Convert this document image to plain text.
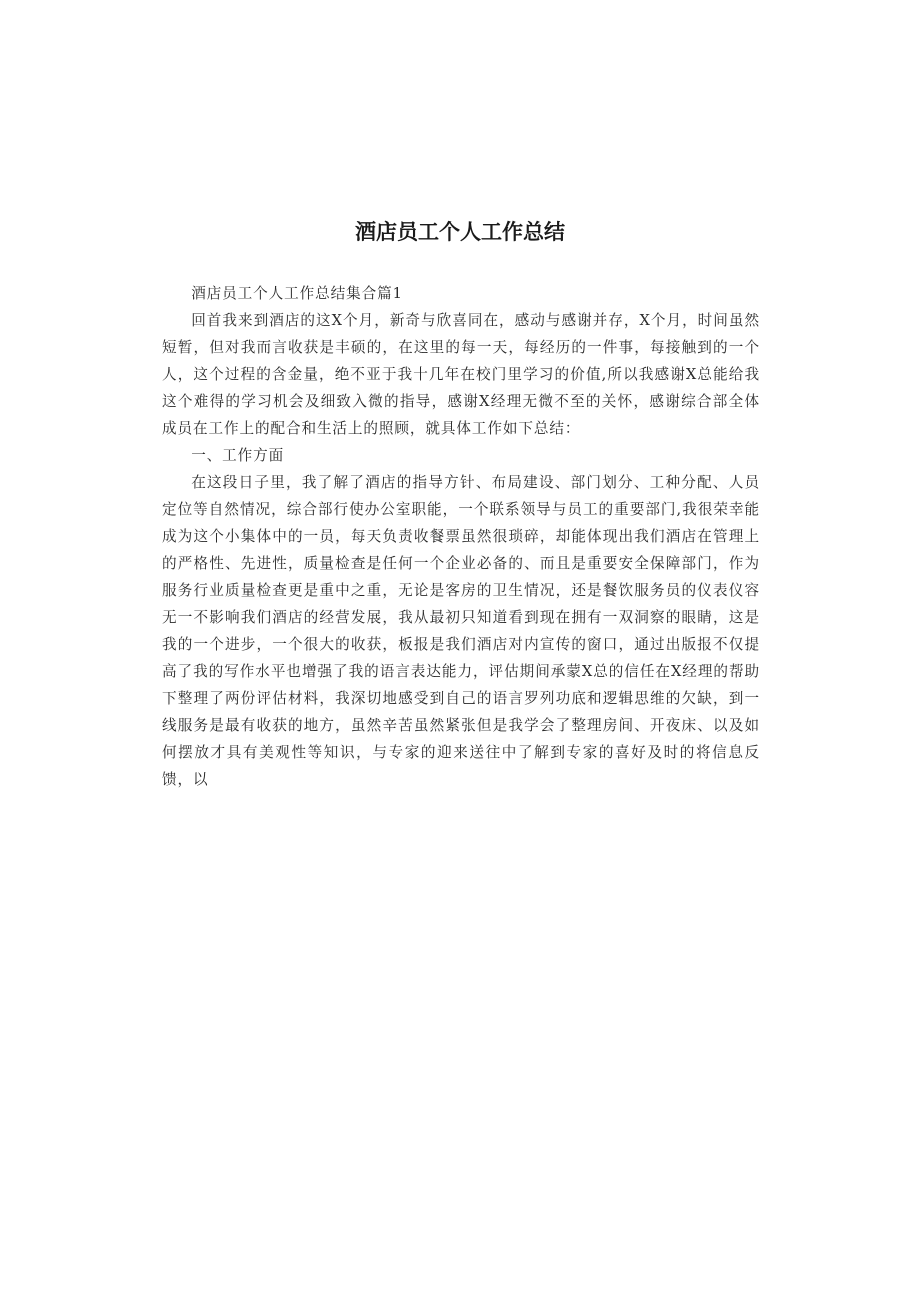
酒店员工个人工作总结

酒店员工个人工作总结集合篇1

回首我来到酒店的这X个月，新奇与欣喜同在，感动与感谢并存，X个月，时间虽然短暂，但对我而言收获是丰硕的，在这里的每一天，每经历的一件事，每接触到的一个人，这个过程的含金量，绝不亚于我十几年在校门里学习的价值,所以我感谢X总能给我这个难得的学习机会及细致入微的指导，感谢X经理无微不至的关怀，感谢综合部全体成员在工作上的配合和生活上的照顾，就具体工作如下总结：

一、工作方面

在这段日子里，我了解了酒店的指导方针、布局建设、部门划分、工种分配、人员定位等自然情况，综合部行使办公室职能，一个联系领导与员工的重要部门,我很荣幸能成为这个小集体中的一员，每天负责收餐票虽然很琐碎，却能体现出我们酒店在管理上的严格性、先进性，质量检查是任何一个企业必备的、而且是重要安全保障部门，作为服务行业质量检查更是重中之重，无论是客房的卫生情况，还是餐饮服务员的仪表仪容无一不影响我们酒店的经营发展，我从最初只知道看到现在拥有一双洞察的眼睛，这是我的一个进步，一个很大的收获，板报是我们酒店对内宣传的窗口，通过出版报不仅提高了我的写作水平也增强了我的语言表达能力，评估期间承蒙X总的信任在X经理的帮助下整理了两份评估材料，我深切地感受到自己的语言罗列功底和逻辑思维的欠缺，到一线服务是最有收获的地方，虽然辛苦虽然紧张但是我学会了整理房间、开夜床、以及如何摆放才具有美观性等知识，与专家的迎来送往中了解到专家的喜好及时的将信息反馈，以
